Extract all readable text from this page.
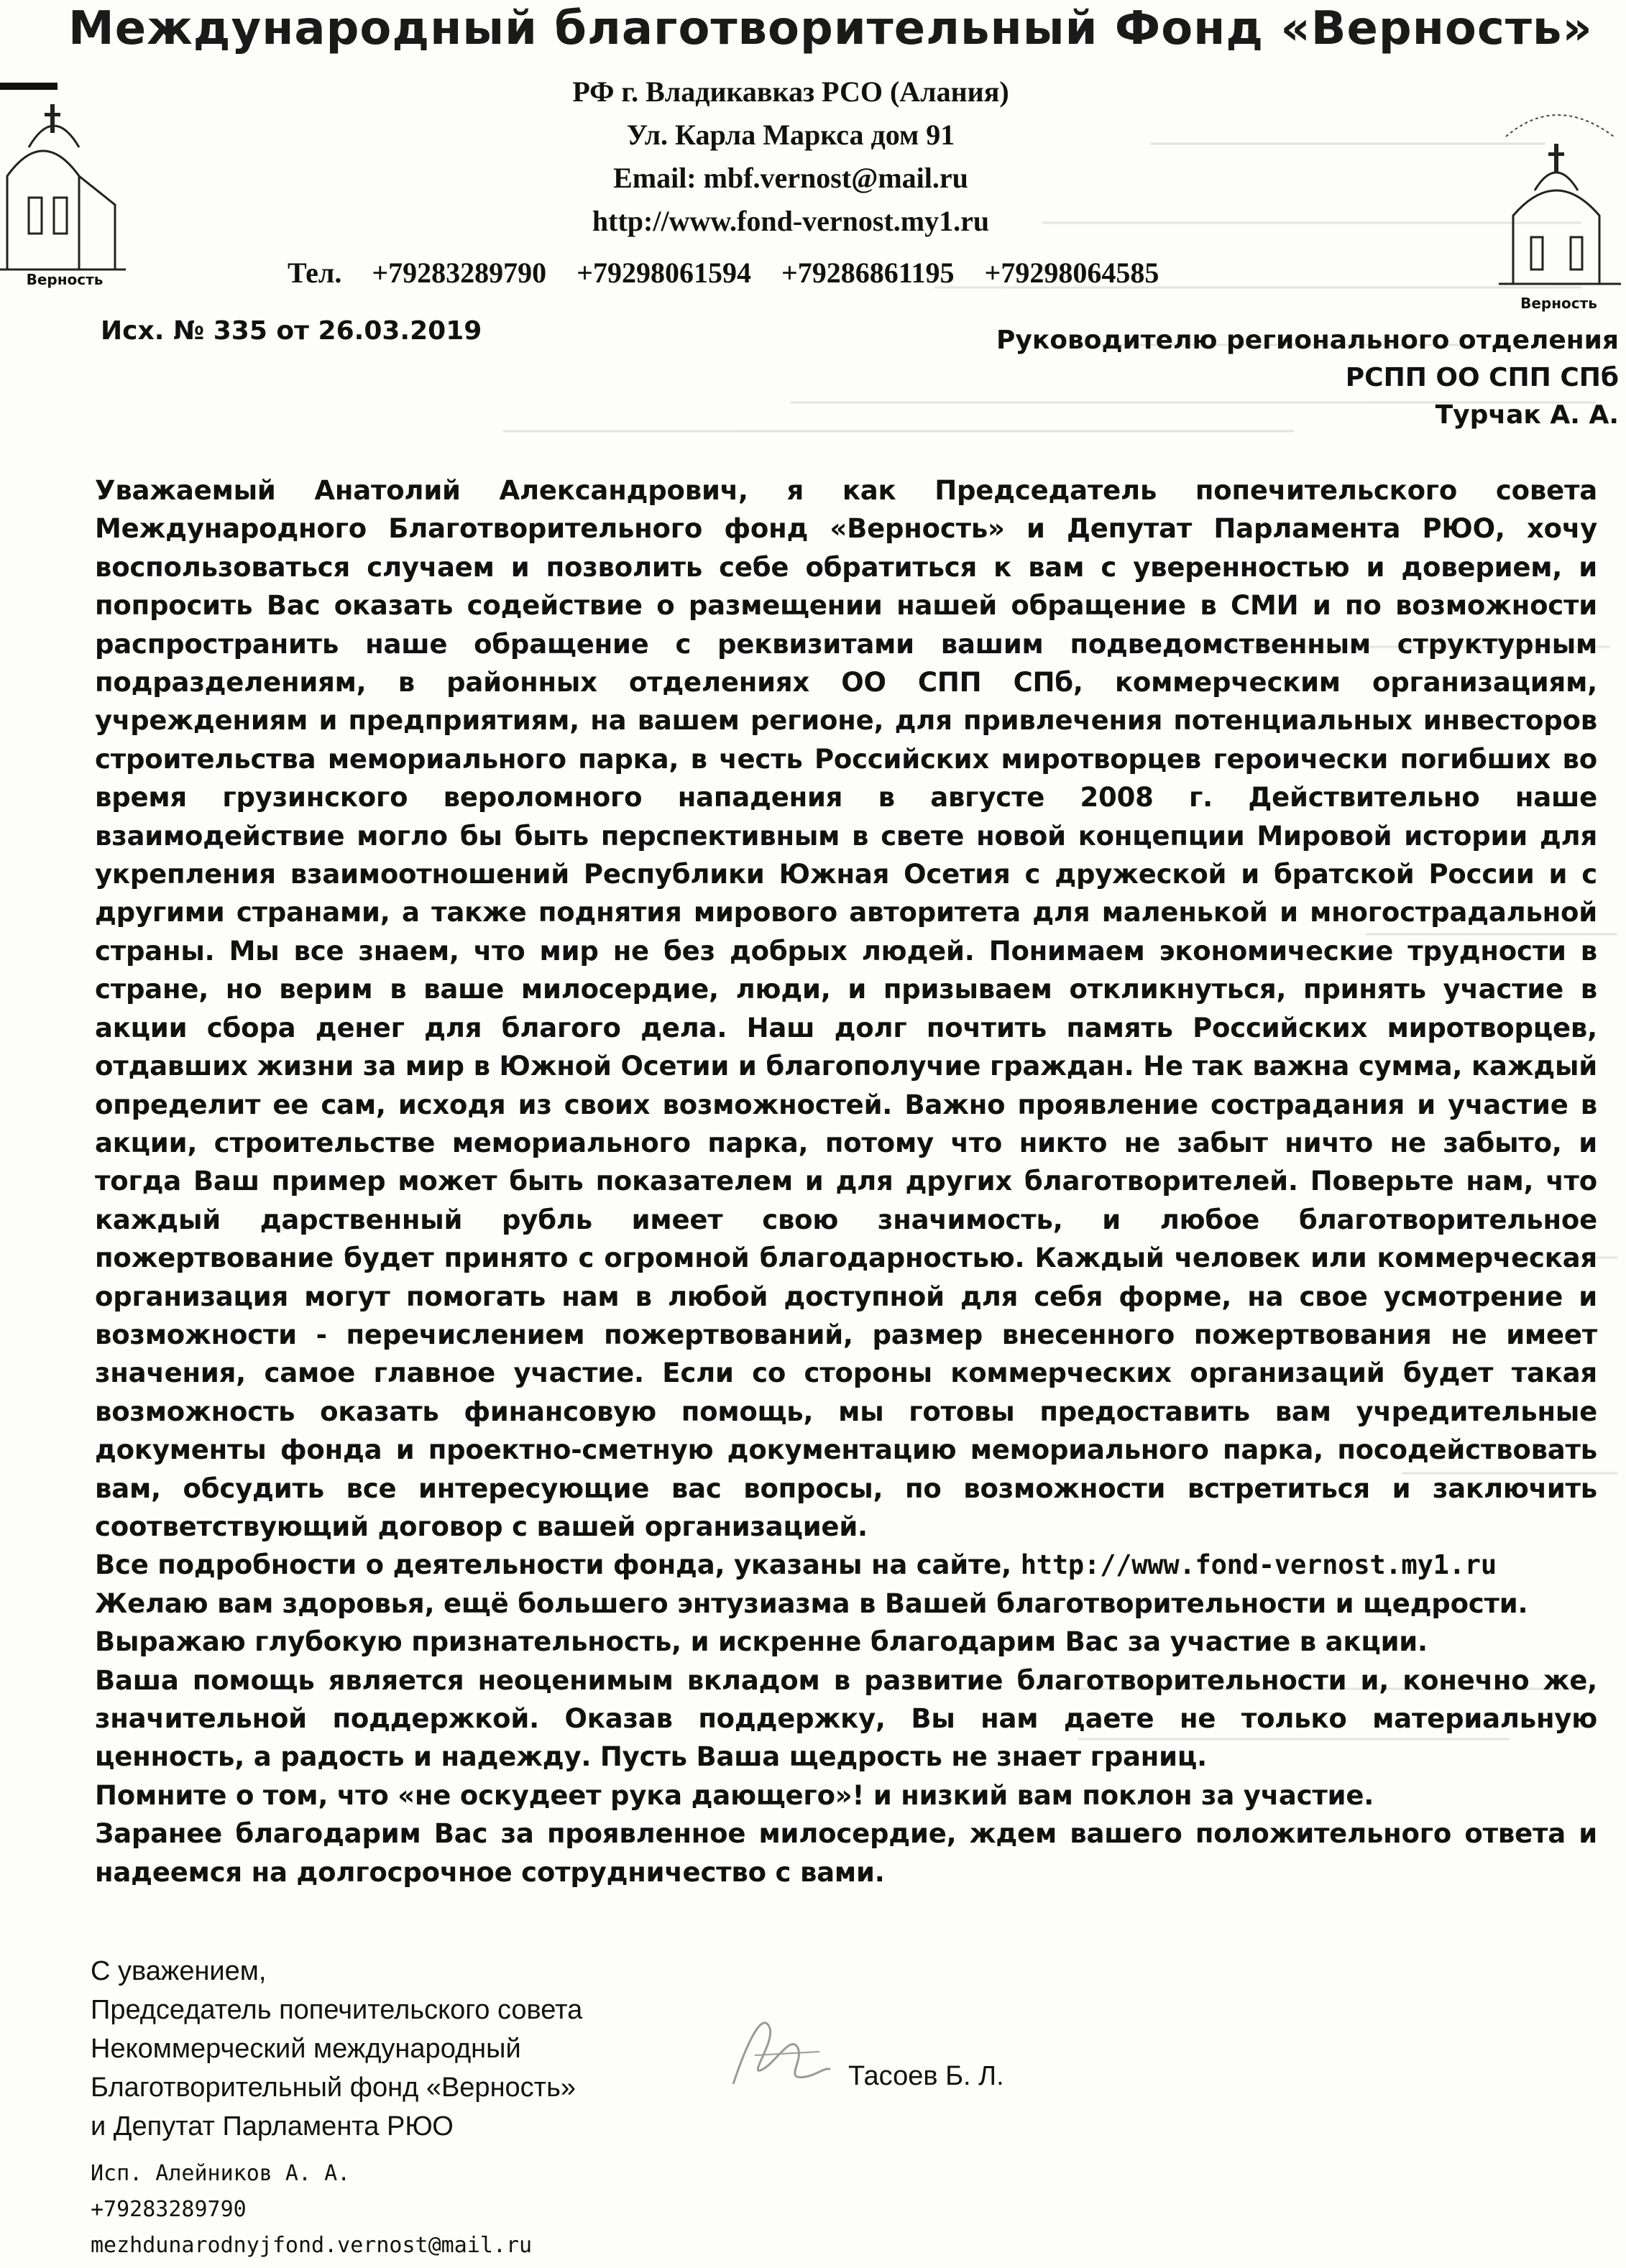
Верность
Верность
Международный благотворительный Фонд «Верность»
РФ г. Владикавказ РСО (Алания)
Ул. Карла Маркса дом 91
Email: mbf.vernost@mail.ru
http://www.fond-vernost.my1.ru
Тел. +79283289790 +79298061594 +79286861195 +79298064585
Исх. № 335 от 26.03.2019	Руководителю регионального отделения
РСПП ОО СПП СПб
Турчак А. А.

Уважаемый Анатолий Александрович, я как Председатель попечительского совета Международного Благотворительного фонд «Верность» и Депутат Парламента РЮО, хочу воспользоваться случаем и позволить себе обратиться к вам с уверенностью и доверием, и попросить Вас оказать содействие о размещении нашей обращение в СМИ и по возможности распространить наше обращение с реквизитами вашим подведомственным структурным подразделениям, в районных отделениях ОО СПП СПб, коммерческим организациям, учреждениям и предприятиям, на вашем регионе, для привлечения потенциальных инвесторов строительства мемориального парка, в честь Российских миротворцев героически погибших во время грузинского вероломного нападения в августе 2008 г. Действительно наше взаимодействие могло бы быть перспективным в свете новой концепции Мировой истории для укрепления взаимоотношений Республики Южная Осетия с дружеской и братской России и с другими странами, а также поднятия мирового авторитета для маленькой и многострадальной страны. Мы все знаем, что мир не без добрых людей. Понимаем экономические трудности в стране, но верим в ваше милосердие, люди, и призываем откликнуться, принять участие в акции сбора денег для благого дела. Наш долг почтить память Российских миротворцев, отдавших жизни за мир в Южной Осетии и благополучие граждан. Не так важна сумма, каждый определит ее сам, исходя из своих возможностей. Важно проявление сострадания и участие в акции, строительстве мемориального парка, потому что никто не забыт ничто не забыто, и тогда Ваш пример может быть показателем и для других благотворителей. Поверьте нам, что каждый дарственный рубль имеет свою значимость, и любое благотворительное пожертвование будет принято с огромной благодарностью. Каждый человек или коммерческая организация могут помогать нам в любой доступной для себя форме, на свое усмотрение и возможности - перечислением пожертвований, размер внесенного пожертвования не имеет значения, самое главное участие. Если со стороны коммерческих организаций будет такая возможность оказать финансовую помощь, мы готовы предоставить вам учредительные документы фонда и проектно-сметную документацию мемориального парка, посодействовать вам, обсудить все интересующие вас вопросы, по возможности встретиться и заключить соответствующий договор с вашей организацией.

Все подробности о деятельности фонда, указаны на сайте, http://www.fond-vernost.my1.ru

Желаю вам здоровья, ещё большего энтузиазма в Вашей благотворительности и щедрости.

Выражаю глубокую признательность, и искренне благодарим Вас за участие в акции.

Ваша помощь является неоценимым вкладом в развитие благотворительности и, конечно же, значительной поддержкой. Оказав поддержку, Вы нам даете не только материальную ценность, а радость и надежду. Пусть Ваша щедрость не знает границ.

Помните о том, что «не оскудеет рука дающего»! и низкий вам поклон за участие.

Заранее благодарим Вас за проявленное милосердие, ждем вашего положительного ответа и надеемся на долгосрочное сотрудничество с вами.

С уважением,
Председатель попечительского совета
Некоммерческий международный
Благотворительный фонд «Верность»
и Депутат Парламента РЮО
Тасоев Б. Л.
Исп. Алейников А. А.
+79283289790
mezhdunarodnyjfond.vernost@mail.ru
